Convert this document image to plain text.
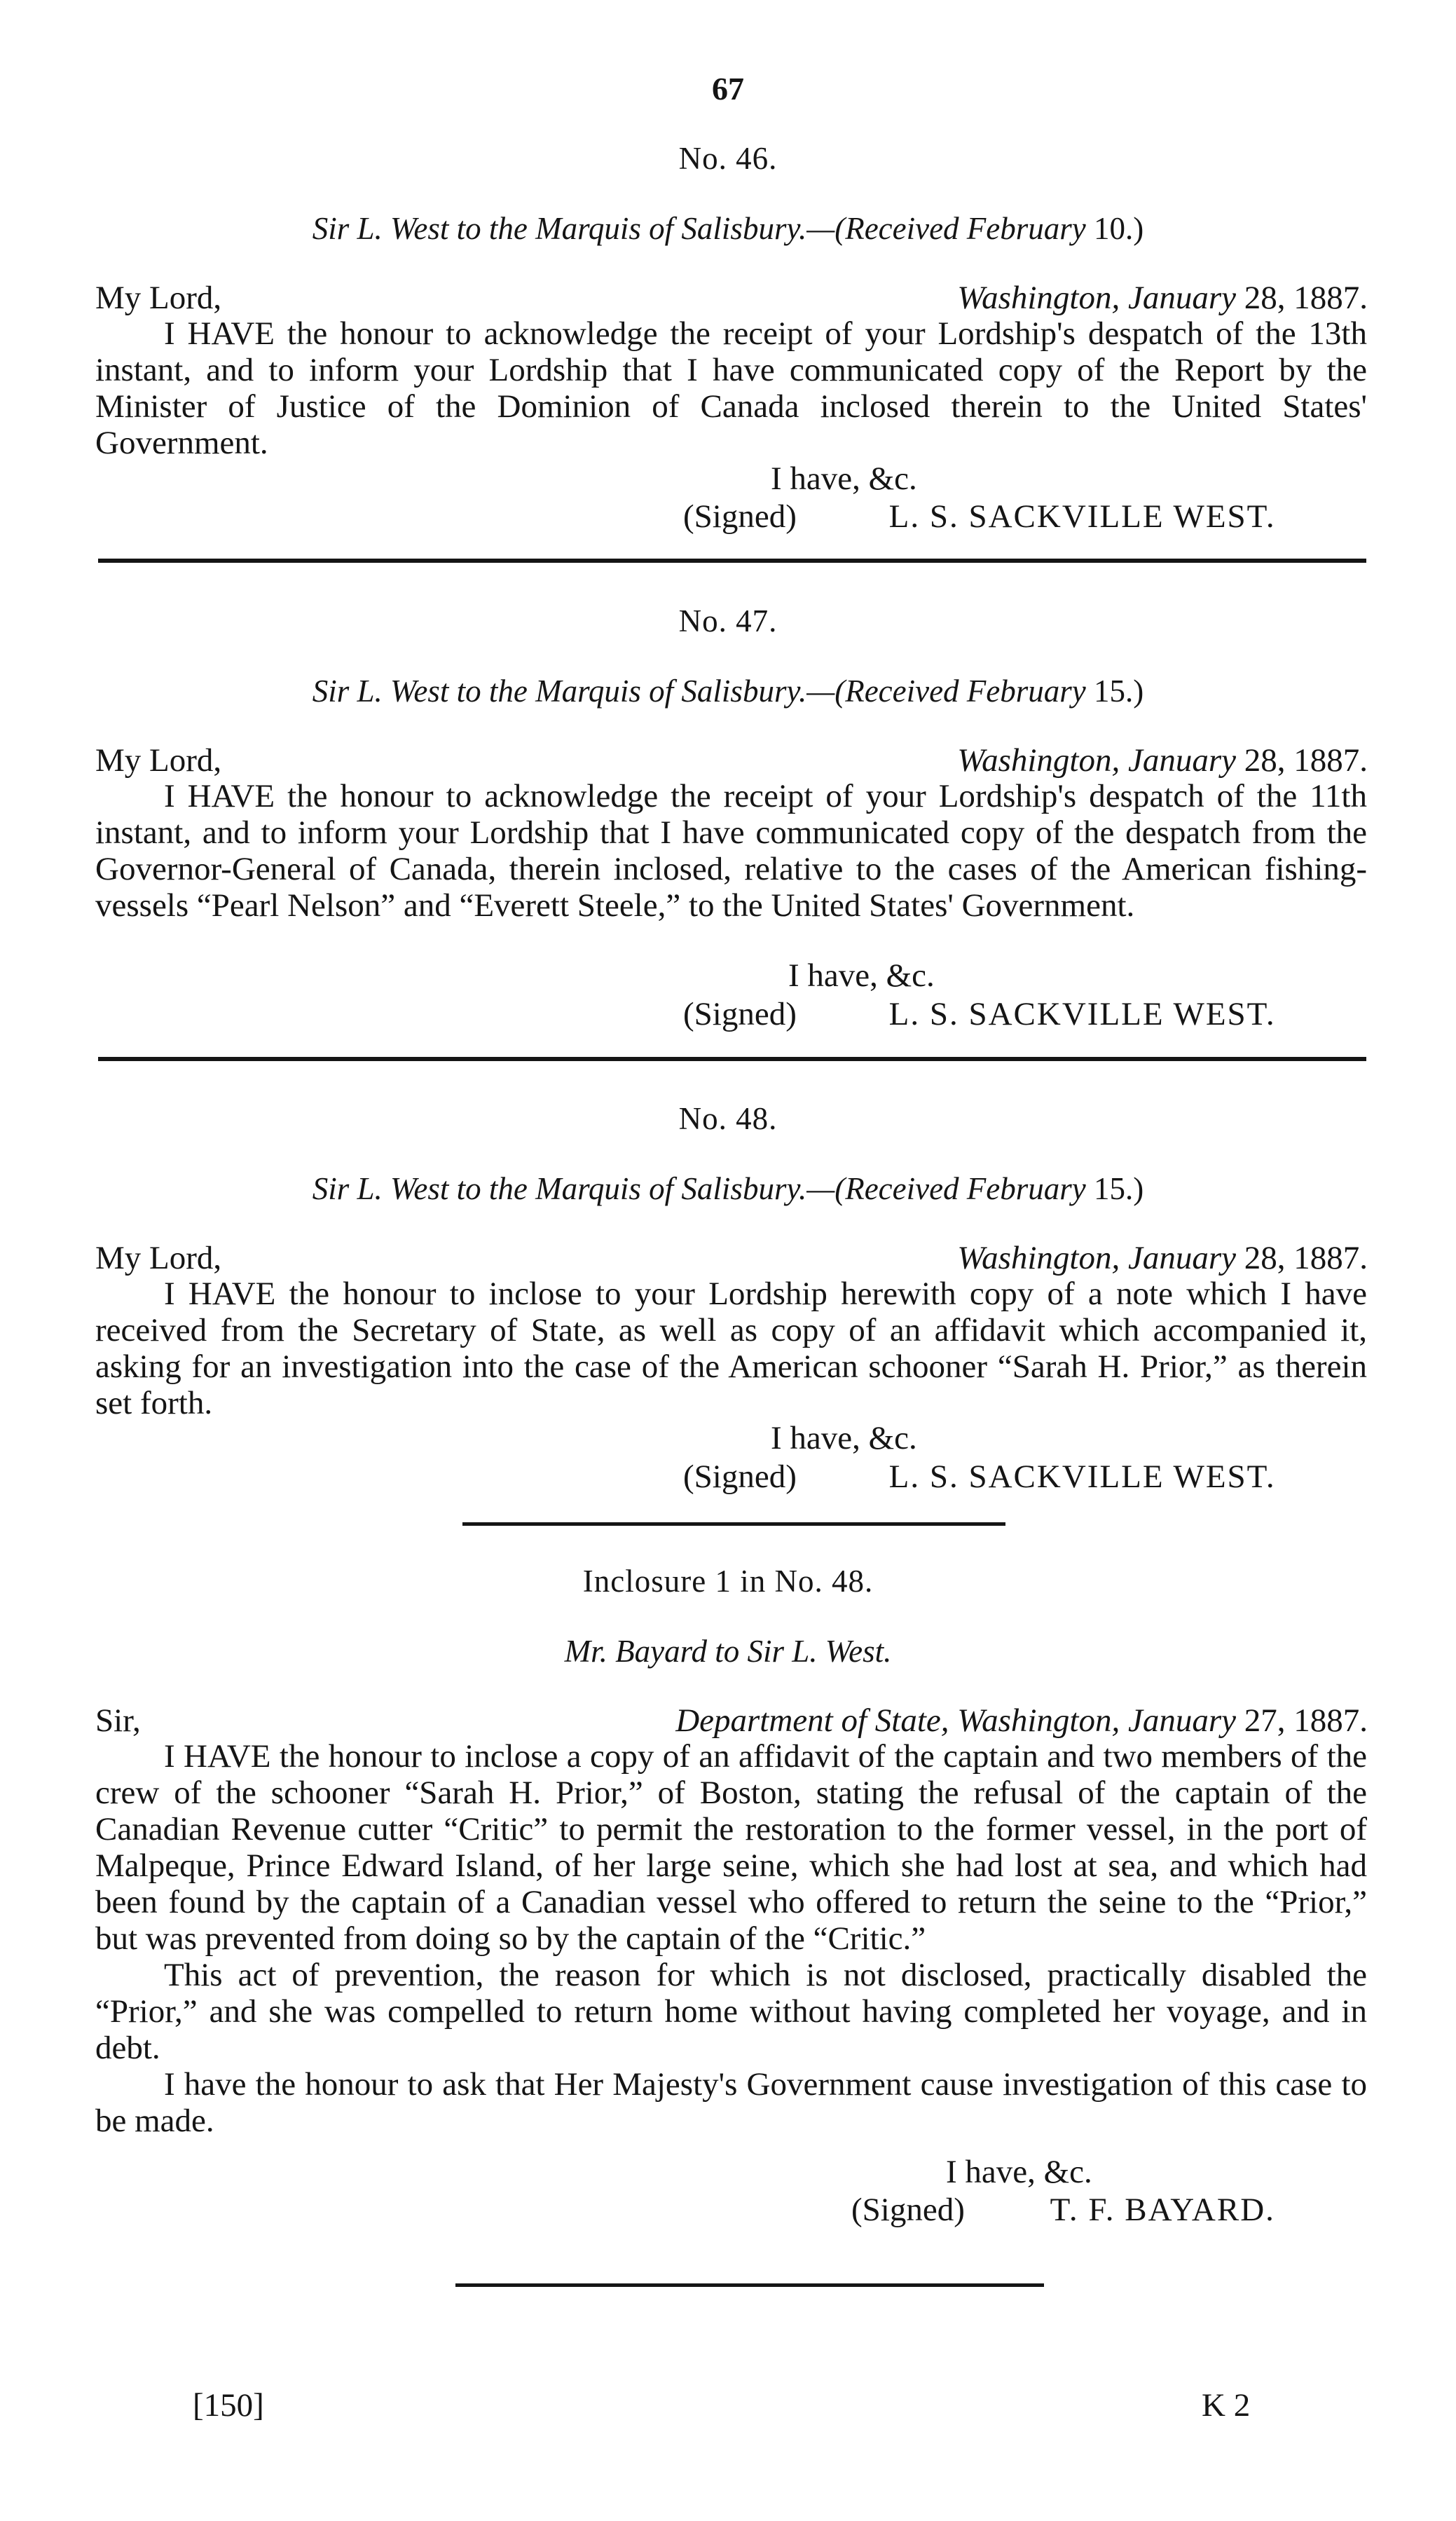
67
No. 46.
Sir L. West to the Marquis of Salisbury.—(Received February 10.)
My Lord,	Washington, January 28, 1887.

I HAVE the honour to acknowledge the receipt of your Lordship's despatch of the 13th instant, and to inform your Lordship that I have communicated copy of the Report by the Minister of Justice of the Dominion of Canada inclosed therein to the United States' Government.

I have, &c.
(Signed)	L. S. SACKVILLE WEST.
No. 47.
Sir L. West to the Marquis of Salisbury.—(Received February 15.)
My Lord,	Washington, January 28, 1887.

I HAVE the honour to acknowledge the receipt of your Lordship's despatch of the 11th instant, and to inform your Lordship that I have communicated copy of the despatch from the Governor-General of Canada, therein inclosed, relative to the cases of the American fishing-vessels “Pearl Nelson” and “Everett Steele,” to the United States' Government.

I have, &c.
(Signed)	L. S. SACKVILLE WEST.
No. 48.
Sir L. West to the Marquis of Salisbury.—(Received February 15.)
My Lord,	Washington, January 28, 1887.

I HAVE the honour to inclose to your Lordship herewith copy of a note which I have received from the Secretary of State, as well as copy of an affidavit which accompanied it, asking for an investigation into the case of the American schooner “Sarah H. Prior,” as therein set forth.

I have, &c.
(Signed)	L. S. SACKVILLE WEST.
Inclosure 1 in No. 48.
Mr. Bayard to Sir L. West.
Sir,	Department of State, Washington, January 27, 1887.

I HAVE the honour to inclose a copy of an affidavit of the captain and two members of the crew of the schooner “Sarah H. Prior,” of Boston, stating the refusal of the captain of the Canadian Revenue cutter “Critic” to permit the restoration to the former vessel, in the port of Malpeque, Prince Edward Island, of her large seine, which she had lost at sea, and which had been found by the captain of a Canadian vessel who offered to return the seine to the “Prior,” but was prevented from doing so by the captain of the “Critic.”

This act of prevention, the reason for which is not disclosed, practically disabled the “Prior,” and she was compelled to return home without having completed her voyage, and in debt.

I have the honour to ask that Her Majesty's Government cause investigation of this case to be made.

I have, &c.
(Signed)	T. F. BAYARD.
[150]	K 2
